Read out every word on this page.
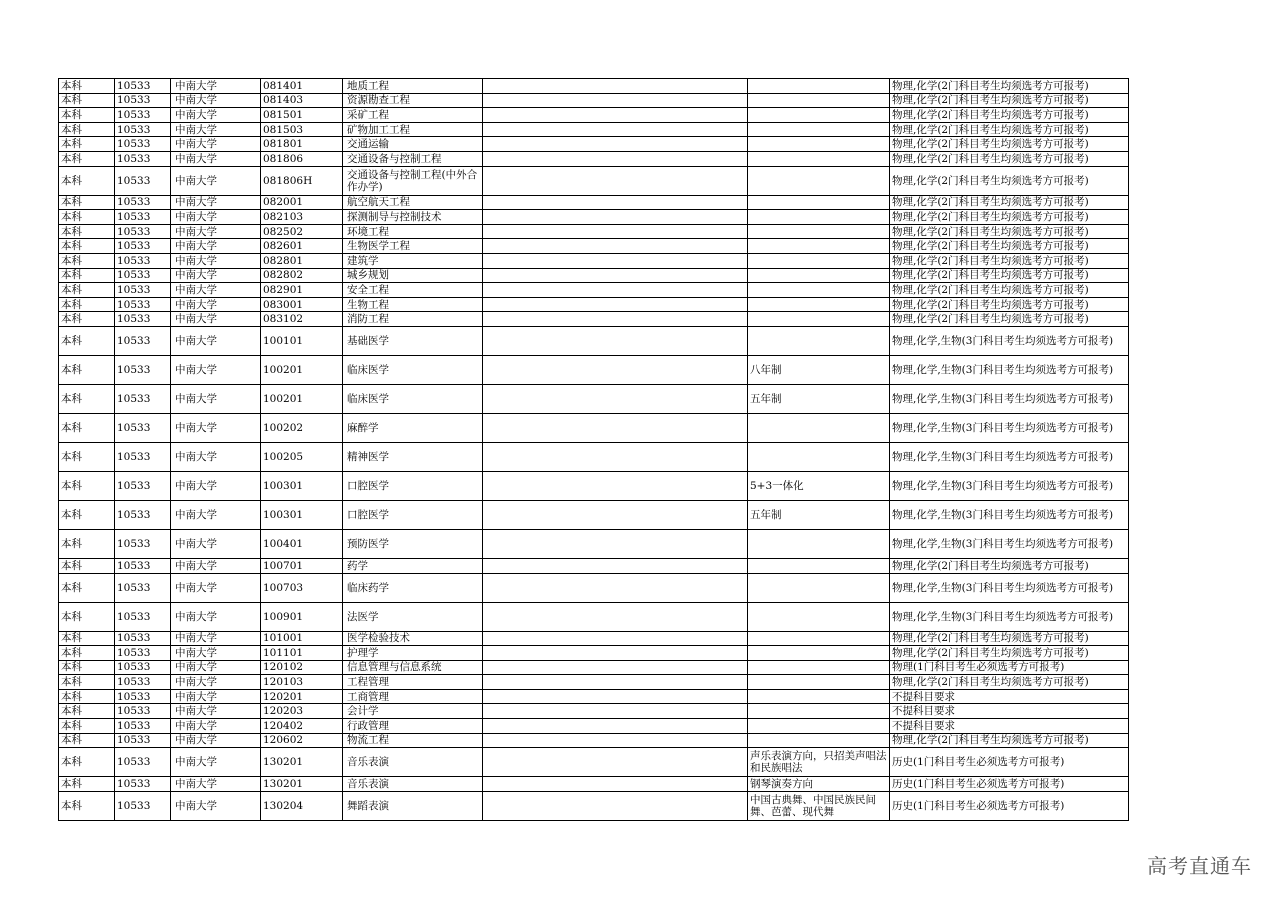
本科	10533	中南大学	081401	地质工程			物理,化学(2门科目考生均须选考方可报考)
本科	10533	中南大学	081403	资源勘查工程			物理,化学(2门科目考生均须选考方可报考)
本科	10533	中南大学	081501	采矿工程			物理,化学(2门科目考生均须选考方可报考)
本科	10533	中南大学	081503	矿物加工工程			物理,化学(2门科目考生均须选考方可报考)
本科	10533	中南大学	081801	交通运输			物理,化学(2门科目考生均须选考方可报考)
本科	10533	中南大学	081806	交通设备与控制工程			物理,化学(2门科目考生均须选考方可报考)
本科	10533	中南大学	081806H	交通设备与控制工程(中外合作办学)			物理,化学(2门科目考生均须选考方可报考)
本科	10533	中南大学	082001	航空航天工程			物理,化学(2门科目考生均须选考方可报考)
本科	10533	中南大学	082103	探测制导与控制技术			物理,化学(2门科目考生均须选考方可报考)
本科	10533	中南大学	082502	环境工程			物理,化学(2门科目考生均须选考方可报考)
本科	10533	中南大学	082601	生物医学工程			物理,化学(2门科目考生均须选考方可报考)
本科	10533	中南大学	082801	建筑学			物理,化学(2门科目考生均须选考方可报考)
本科	10533	中南大学	082802	城乡规划			物理,化学(2门科目考生均须选考方可报考)
本科	10533	中南大学	082901	安全工程			物理,化学(2门科目考生均须选考方可报考)
本科	10533	中南大学	083001	生物工程			物理,化学(2门科目考生均须选考方可报考)
本科	10533	中南大学	083102	消防工程			物理,化学(2门科目考生均须选考方可报考)
本科	10533	中南大学	100101	基础医学			物理,化学,生物(3门科目考生均须选考方可报考)
本科	10533	中南大学	100201	临床医学		八年制	物理,化学,生物(3门科目考生均须选考方可报考)
本科	10533	中南大学	100201	临床医学		五年制	物理,化学,生物(3门科目考生均须选考方可报考)
本科	10533	中南大学	100202	麻醉学			物理,化学,生物(3门科目考生均须选考方可报考)
本科	10533	中南大学	100205	精神医学			物理,化学,生物(3门科目考生均须选考方可报考)
本科	10533	中南大学	100301	口腔医学		5+3一体化	物理,化学,生物(3门科目考生均须选考方可报考)
本科	10533	中南大学	100301	口腔医学		五年制	物理,化学,生物(3门科目考生均须选考方可报考)
本科	10533	中南大学	100401	预防医学			物理,化学,生物(3门科目考生均须选考方可报考)
本科	10533	中南大学	100701	药学			物理,化学(2门科目考生均须选考方可报考)
本科	10533	中南大学	100703	临床药学			物理,化学,生物(3门科目考生均须选考方可报考)
本科	10533	中南大学	100901	法医学			物理,化学,生物(3门科目考生均须选考方可报考)
本科	10533	中南大学	101001	医学检验技术			物理,化学(2门科目考生均须选考方可报考)
本科	10533	中南大学	101101	护理学			物理,化学(2门科目考生均须选考方可报考)
本科	10533	中南大学	120102	信息管理与信息系统			物理(1门科目考生必须选考方可报考)
本科	10533	中南大学	120103	工程管理			物理,化学(2门科目考生均须选考方可报考)
本科	10533	中南大学	120201	工商管理			不提科目要求
本科	10533	中南大学	120203	会计学			不提科目要求
本科	10533	中南大学	120402	行政管理			不提科目要求
本科	10533	中南大学	120602	物流工程			物理,化学(2门科目考生均须选考方可报考)
本科	10533	中南大学	130201	音乐表演		声乐表演方向，只招美声唱法和民族唱法	历史(1门科目考生必须选考方可报考)
本科	10533	中南大学	130201	音乐表演		钢琴演奏方向	历史(1门科目考生必须选考方可报考)
本科	10533	中南大学	130204	舞蹈表演		中国古典舞、中国民族民间舞、芭蕾、现代舞	历史(1门科目考生必须选考方可报考)
高考直通车
